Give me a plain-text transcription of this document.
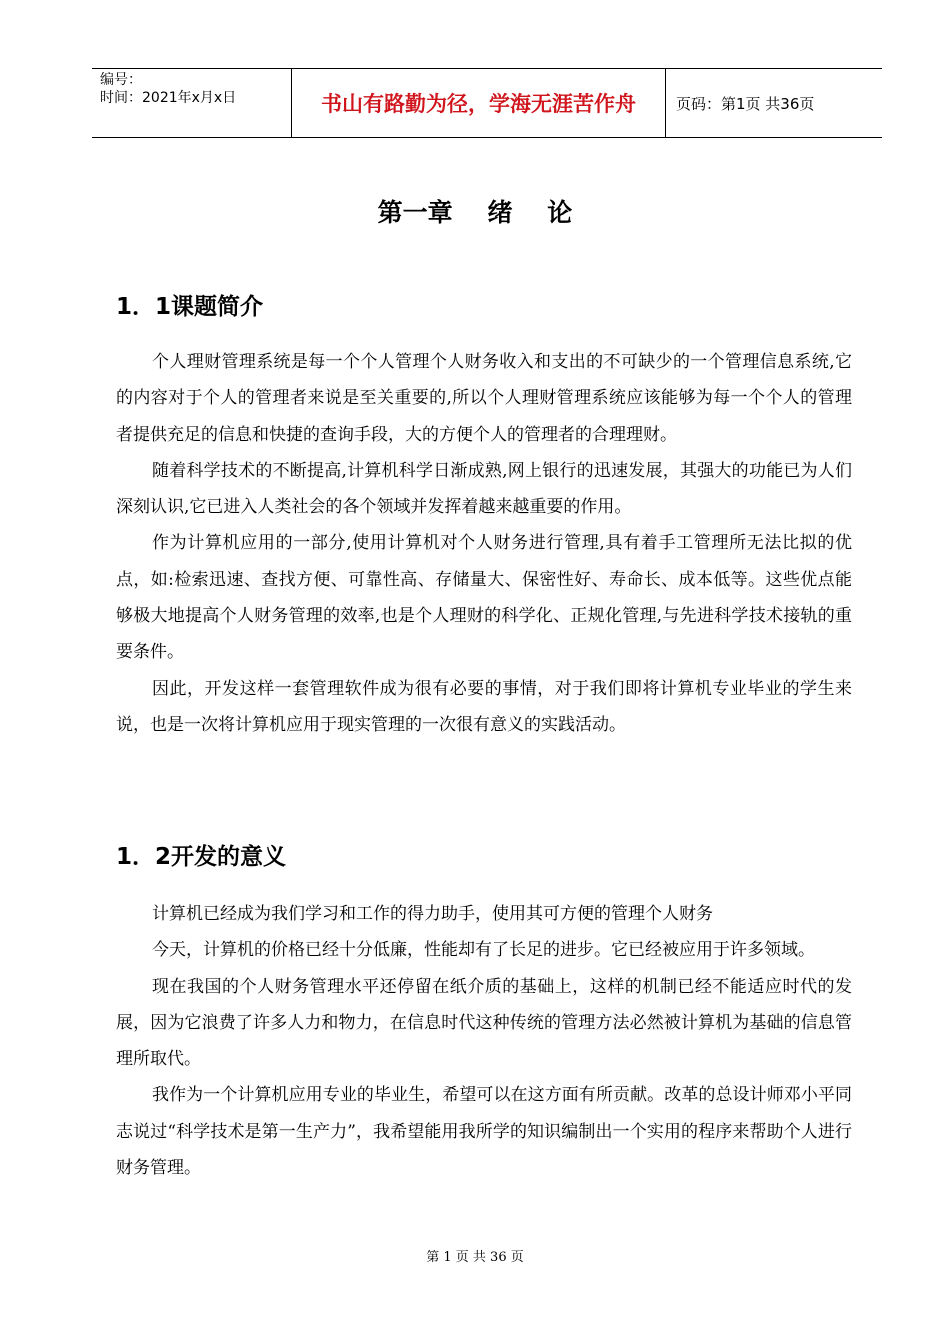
编号：
时间：2021年x月x日	书山有路勤为径，学海无涯苦作舟	页码：第1页 共36页
第一章    绪    论
1．1课题简介

个人理财管理系统是每一个个人管理个人财务收入和支出的不可缺少的一个管理信息系统,它的内容对于个人的管理者来说是至关重要的,所以个人理财管理系统应该能够为每一个个人的管理者提供充足的信息和快捷的查询手段，大的方便个人的管理者的合理理财。

随着科学技术的不断提高,计算机科学日渐成熟,网上银行的迅速发展，其强大的功能已为人们深刻认识,它已进入人类社会的各个领域并发挥着越来越重要的作用。

作为计算机应用的一部分,使用计算机对个人财务进行管理,具有着手工管理所无法比拟的优点，如:检索迅速、查找方便、可靠性高、存储量大、保密性好、寿命长、成本低等。这些优点能够极大地提高个人财务管理的效率,也是个人理财的科学化、正规化管理,与先进科学技术接轨的重要条件。

因此，开发这样一套管理软件成为很有必要的事情，对于我们即将计算机专业毕业的学生来说，也是一次将计算机应用于现实管理的一次很有意义的实践活动。

1．2开发的意义

计算机已经成为我们学习和工作的得力助手，使用其可方便的管理个人财务

今天，计算机的价格已经十分低廉，性能却有了长足的进步。它已经被应用于许多领域。

现在我国的个人财务管理水平还停留在纸介质的基础上，这样的机制已经不能适应时代的发展，因为它浪费了许多人力和物力，在信息时代这种传统的管理方法必然被计算机为基础的信息管理所取代。

我作为一个计算机应用专业的毕业生，希望可以在这方面有所贡献。改革的总设计师邓小平同志说过“科学技术是第一生产力”，我希望能用我所学的知识编制出一个实用的程序来帮助个人进行财务管理。

第 1 页 共 36 页
